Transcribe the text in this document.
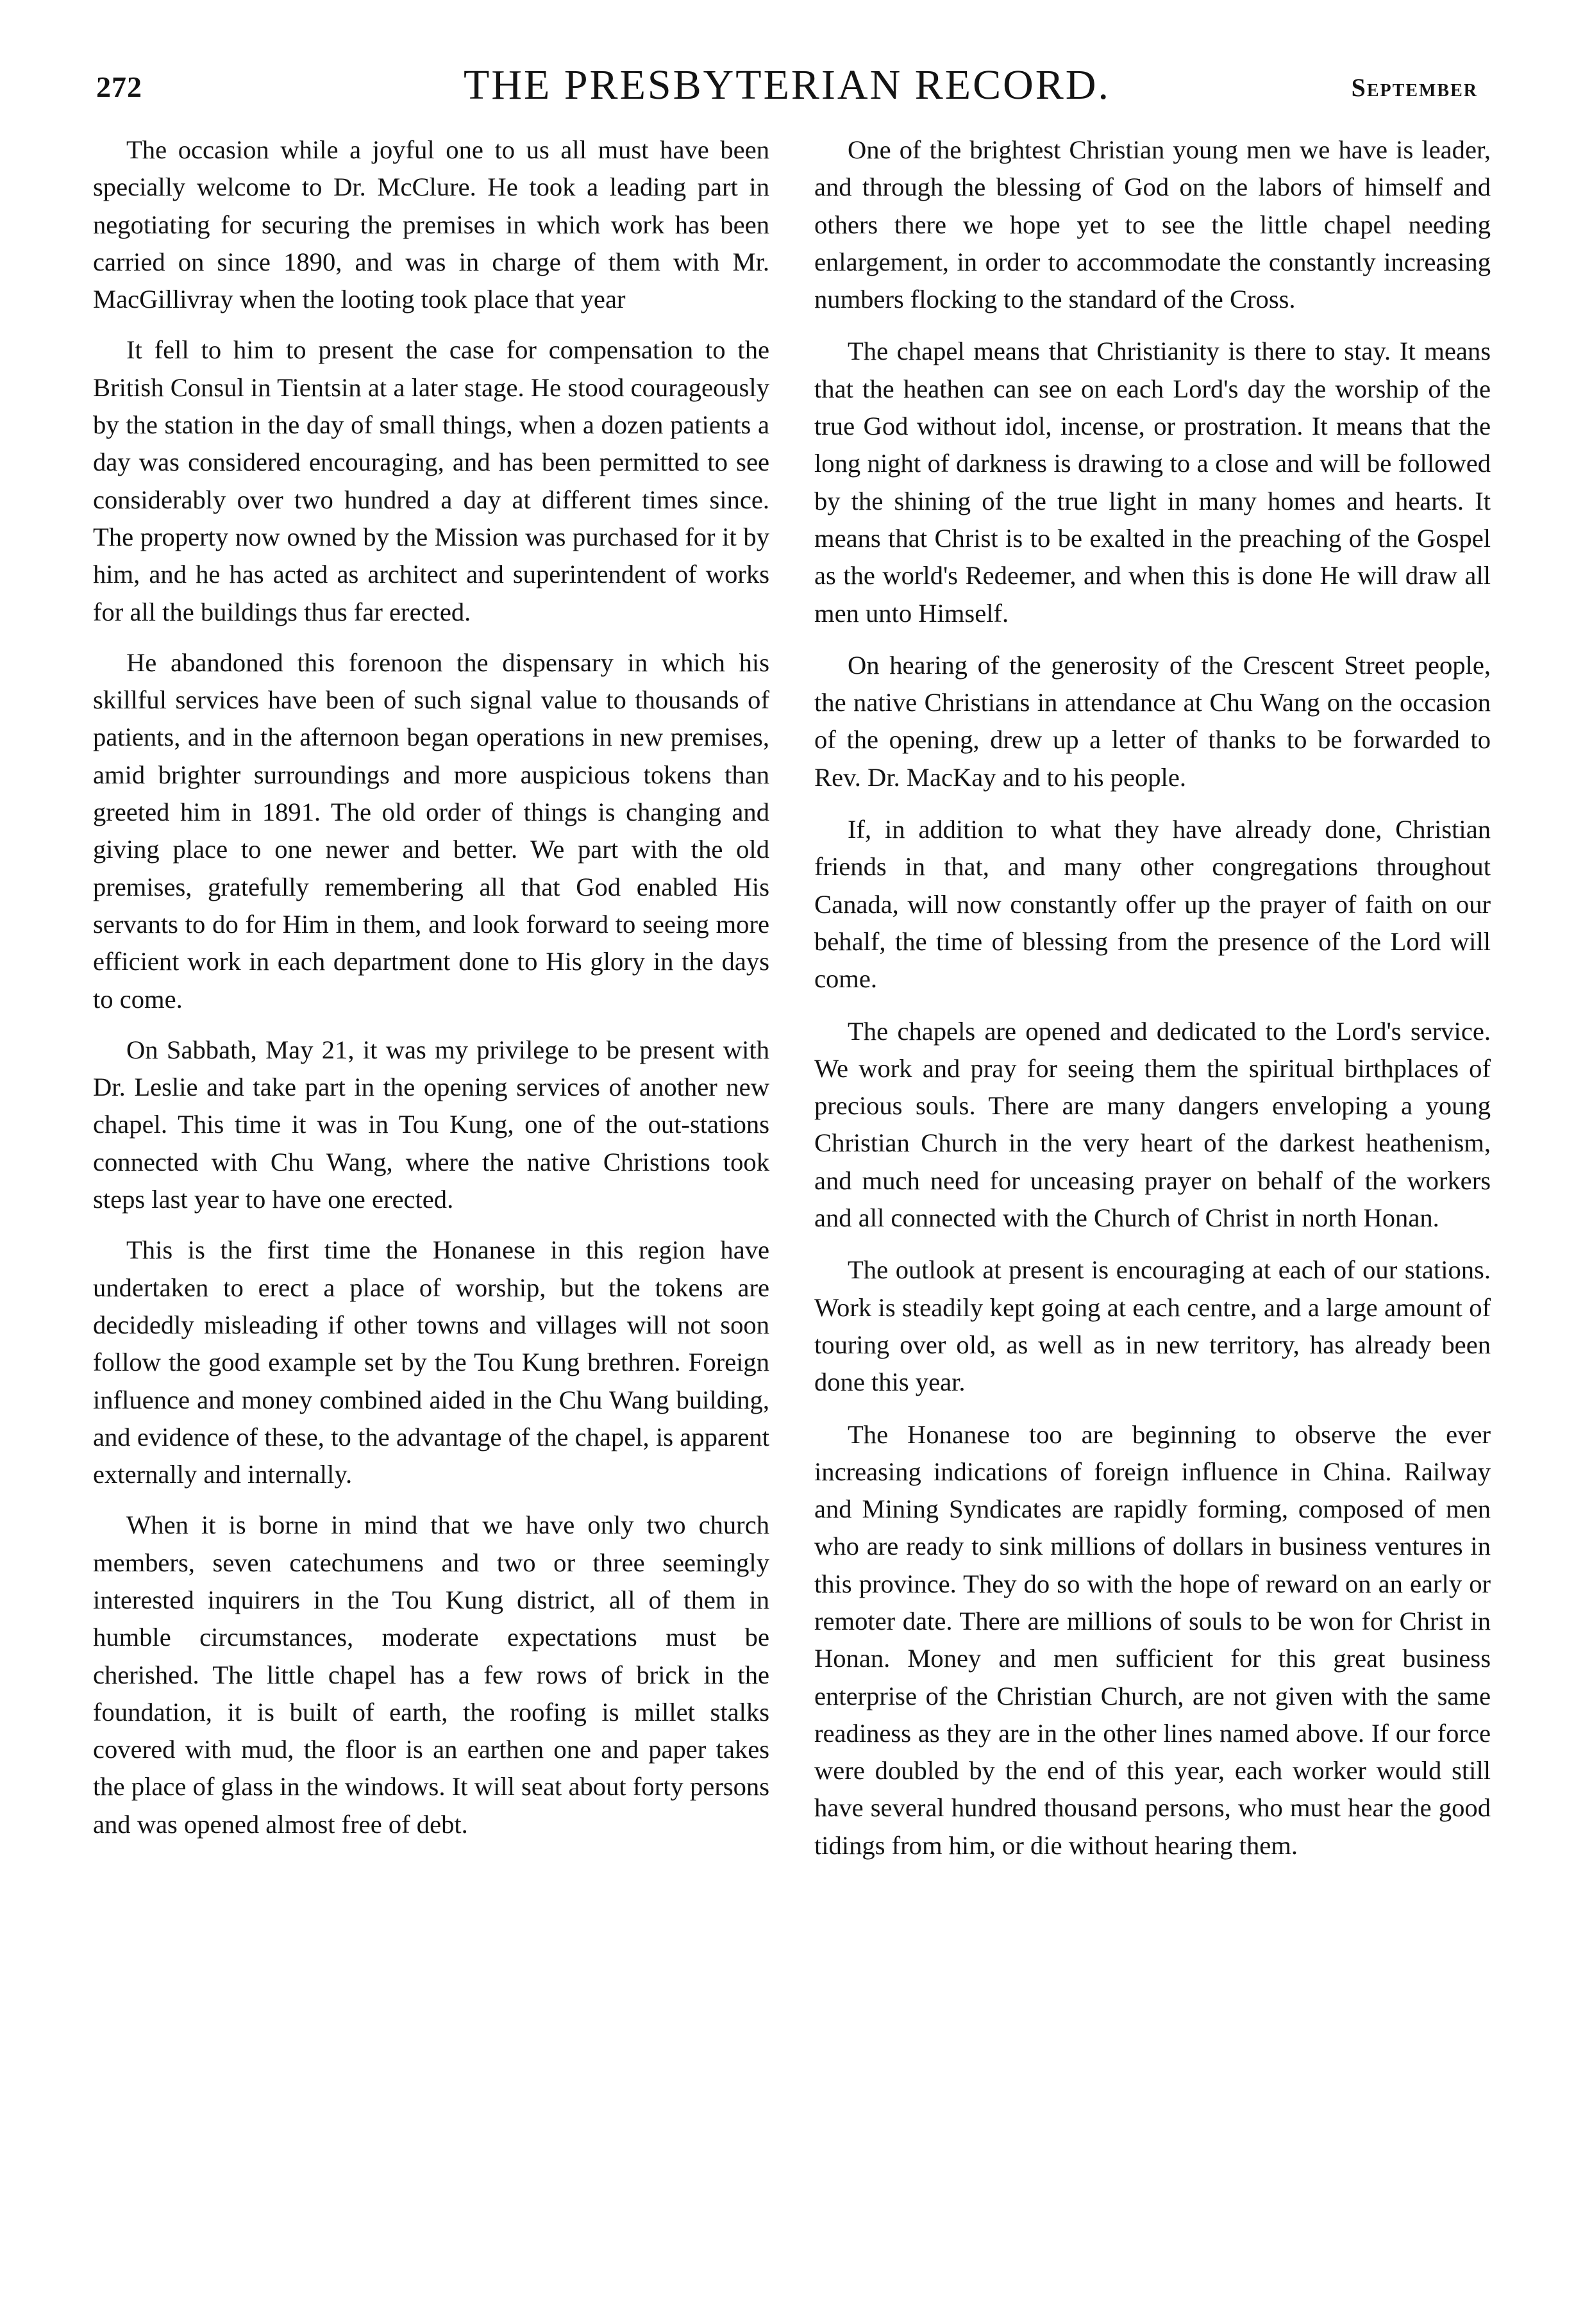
272	THE PRESBYTERIAN RECORD.	September

The occasion while a joyful one to us all must have been specially welcome to Dr. McClure. He took a leading part in negotiating for securing the premises in which work has been carried on since 1890, and was in charge of them with Mr. MacGillivray when the looting took place that year

It fell to him to present the case for compensation to the British Consul in Tientsin at a later stage. He stood courageously by the station in the day of small things, when a dozen patients a day was considered encouraging, and has been permitted to see considerably over two hundred a day at different times since. The property now owned by the Mission was purchased for it by him, and he has acted as architect and superintendent of works for all the buildings thus far erected.

He abandoned this forenoon the dispensary in which his skillful services have been of such signal value to thousands of patients, and in the afternoon began operations in new premises, amid brighter surroundings and more auspicious tokens than greeted him in 1891. The old order of things is changing and giving place to one newer and better. We part with the old premises, gratefully remembering all that God enabled His servants to do for Him in them, and look forward to seeing more efficient work in each department done to His glory in the days to come.

On Sabbath, May 21, it was my privilege to be present with Dr. Leslie and take part in the opening services of another new chapel. This time it was in Tou Kung, one of the out-stations connected with Chu Wang, where the native Christions took steps last year to have one erected.

This is the first time the Honanese in this region have undertaken to erect a place of worship, but the tokens are decidedly misleading if other towns and villages will not soon follow the good example set by the Tou Kung brethren. Foreign influence and money combined aided in the Chu Wang building, and evidence of these, to the advantage of the chapel, is apparent externally and internally.

When it is borne in mind that we have only two church members, seven catechumens and two or three seemingly interested inquirers in the Tou Kung district, all of them in humble circumstances, moderate expectations must be cherished. The little chapel has a few rows of brick in the foundation, it is built of earth, the roofing is millet stalks covered with mud, the floor is an earthen one and paper takes the place of glass in the windows. It will seat about forty persons and was opened almost free of debt.

One of the brightest Christian young men we have is leader, and through the blessing of God on the labors of himself and others there we hope yet to see the little chapel needing enlargement, in order to accommodate the constantly increasing numbers flocking to the standard of the Cross.

The chapel means that Christianity is there to stay. It means that the heathen can see on each Lord's day the worship of the true God without idol, incense, or prostration. It means that the long night of darkness is drawing to a close and will be followed by the shining of the true light in many homes and hearts. It means that Christ is to be exalted in the preaching of the Gospel as the world's Redeemer, and when this is done He will draw all men unto Himself.

On hearing of the generosity of the Crescent Street people, the native Christians in attendance at Chu Wang on the occasion of the opening, drew up a letter of thanks to be forwarded to Rev. Dr. MacKay and to his people.

If, in addition to what they have already done, Christian friends in that, and many other congregations throughout Canada, will now constantly offer up the prayer of faith on our behalf, the time of blessing from the presence of the Lord will come.

The chapels are opened and dedicated to the Lord's service. We work and pray for seeing them the spiritual birthplaces of precious souls. There are many dangers enveloping a young Christian Church in the very heart of the darkest heathenism, and much need for unceasing prayer on behalf of the workers and all connected with the Church of Christ in north Honan.

The outlook at present is encouraging at each of our stations. Work is steadily kept going at each centre, and a large amount of touring over old, as well as in new territory, has already been done this year.

The Honanese too are beginning to observe the ever increasing indications of foreign influence in China. Railway and Mining Syndicates are rapidly forming, composed of men who are ready to sink millions of dollars in business ventures in this province. They do so with the hope of reward on an early or remoter date. There are millions of souls to be won for Christ in Honan. Money and men sufficient for this great business enterprise of the Christian Church, are not given with the same readiness as they are in the other lines named above. If our force were doubled by the end of this year, each worker would still have several hundred thousand persons, who must hear the good tidings from him, or die without hearing them.
